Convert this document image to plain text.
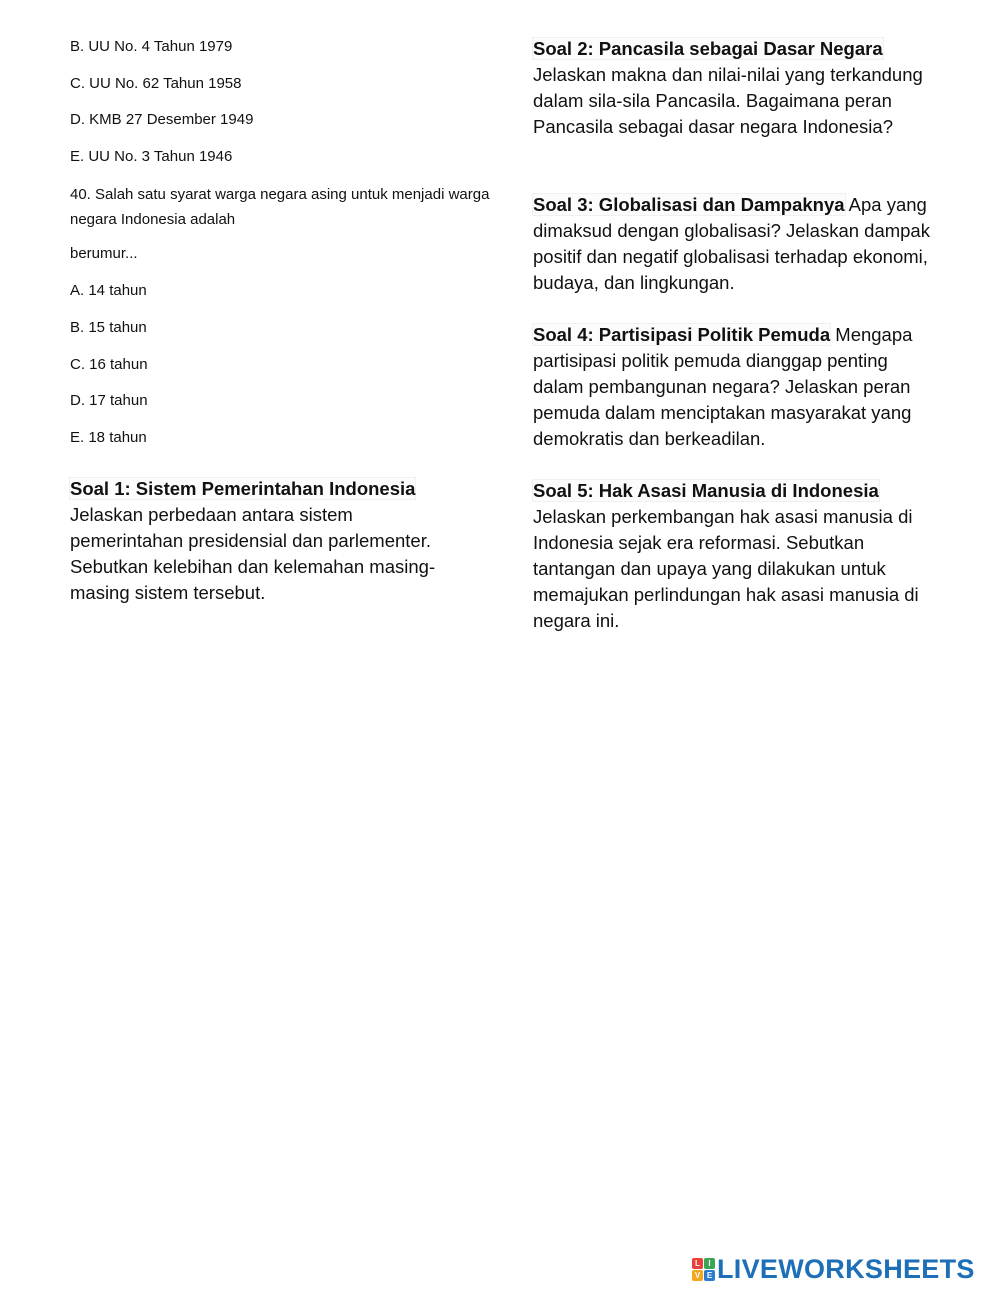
B. UU No. 4 Tahun 1979
C. UU No. 62 Tahun 1958
D. KMB 27 Desember 1949
E. UU No. 3 Tahun 1946
40. Salah satu syarat warga negara asing untuk menjadi warga negara Indonesia adalah
berumur...
A. 14 tahun
B. 15 tahun
C. 16 tahun
D. 17 tahun
E. 18 tahun
Soal 1: Sistem Pemerintahan Indonesia
Jelaskan perbedaan antara sistem pemerintahan presidensial dan parlementer. Sebutkan kelebihan dan kelemahan masing-masing sistem tersebut.
Soal 2: Pancasila sebagai Dasar Negara
Jelaskan makna dan nilai-nilai yang terkandung dalam sila-sila Pancasila. Bagaimana peran Pancasila sebagai dasar negara Indonesia?
Soal 3: Globalisasi dan Dampaknya Apa yang dimaksud dengan globalisasi? Jelaskan dampak positif dan negatif globalisasi terhadap ekonomi, budaya, dan lingkungan.
Soal 4: Partisipasi Politik Pemuda Mengapa partisipasi politik pemuda dianggap penting dalam pembangunan negara? Jelaskan peran pemuda dalam menciptakan masyarakat yang demokratis dan berkeadilan.
Soal 5: Hak Asasi Manusia di Indonesia
Jelaskan perkembangan hak asasi manusia di Indonesia sejak era reformasi. Sebutkan tantangan dan upaya yang dilakukan untuk memajukan perlindungan hak asasi manusia di negara ini.
L	I
V E LIVEWORKSHEETS
